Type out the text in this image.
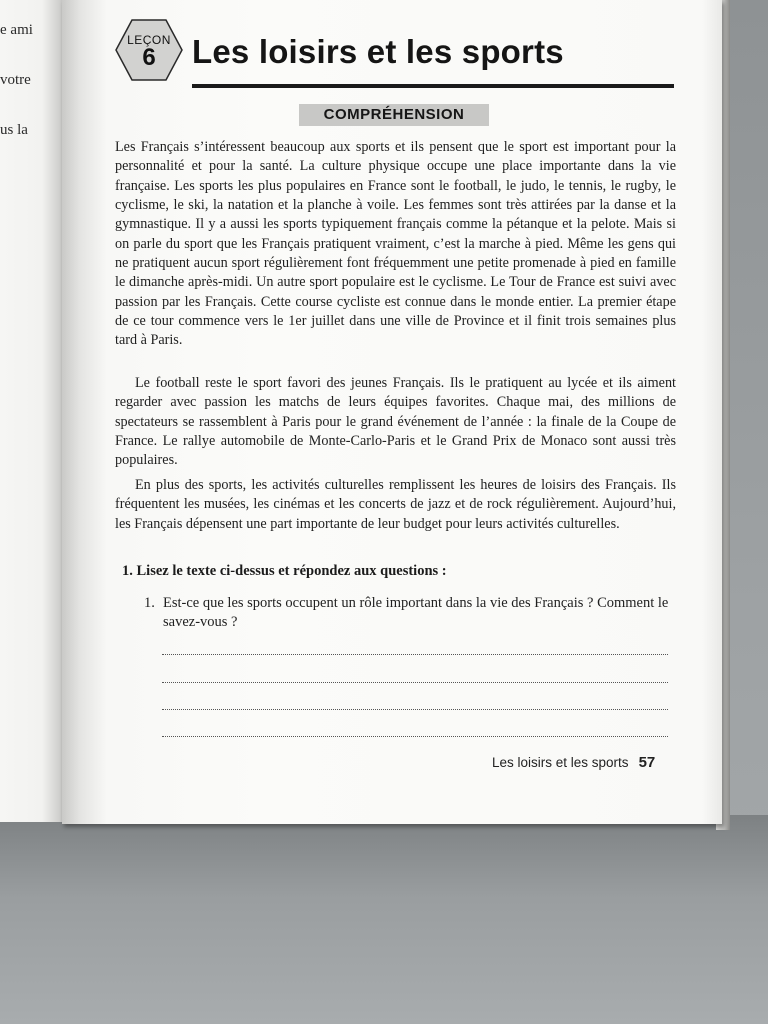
e ami
votre
us la
LEÇON
6	Les loisirs et les sports
COMPRÉHENSION

Les Français s’intéressent beaucoup aux sports et ils pensent que le sport est important pour la personnalité et pour la santé. La culture physique occupe une place importante dans la vie française. Les sports les plus populaires en France sont le football, le judo, le tennis, le rugby, le cyclisme, le ski, la natation et la planche à voile. Les femmes sont très attirées par la danse et la gymnastique. Il y a aussi les sports typiquement français comme la pétanque et la pelote. Mais si on parle du sport que les Français pratiquent vraiment, c’est la marche à pied. Même les gens qui ne pratiquent aucun sport régulièrement font fréquemment une petite promenade à pied en famille le dimanche après-midi. Un autre sport populaire est le cyclisme. Le Tour de France est suivi avec passion par les Français. Cette course cycliste est connue dans le monde entier. La premier étape de ce tour commence vers le 1er juillet dans une ville de Province et il finit trois semaines plus tard à Paris.

Le football reste le sport favori des jeunes Français. Ils le pratiquent au lycée et ils aiment regarder avec passion les matchs de leurs équipes favorites. Chaque mai, des millions de spectateurs se rassemblent à Paris pour le grand événement de l’année : la finale de la Coupe de France. Le rallye automobile de Monte-Carlo-Paris et le Grand Prix de Monaco sont aussi très populaires.

En plus des sports, les activités culturelles remplissent les heures de loisirs des Français. Ils fréquentent les musées, les cinémas et les concerts de jazz et de rock régulièrement. Aujourd’hui, les Français dépensent une part importante de leur budget pour leurs activités culturelles.

1. Lisez le texte ci-dessus et répondez aux questions :
1. Est-ce que les sports occupent un rôle important dans la vie des Français ? Comment le savez-vous ?
Les loisirs et les sports 57
